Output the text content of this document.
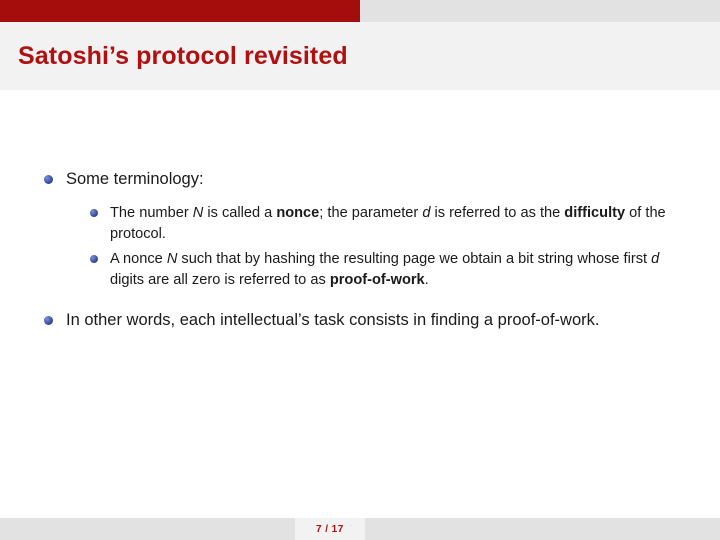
Satoshi’s protocol revisited
Some terminology:
The number N is called a nonce; the parameter d is referred to as the difficulty of the protocol.
A nonce N such that by hashing the resulting page we obtain a bit string whose first d digits are all zero is referred to as proof-of-work.
In other words, each intellectual’s task consists in finding a proof-of-work.
7 / 17
